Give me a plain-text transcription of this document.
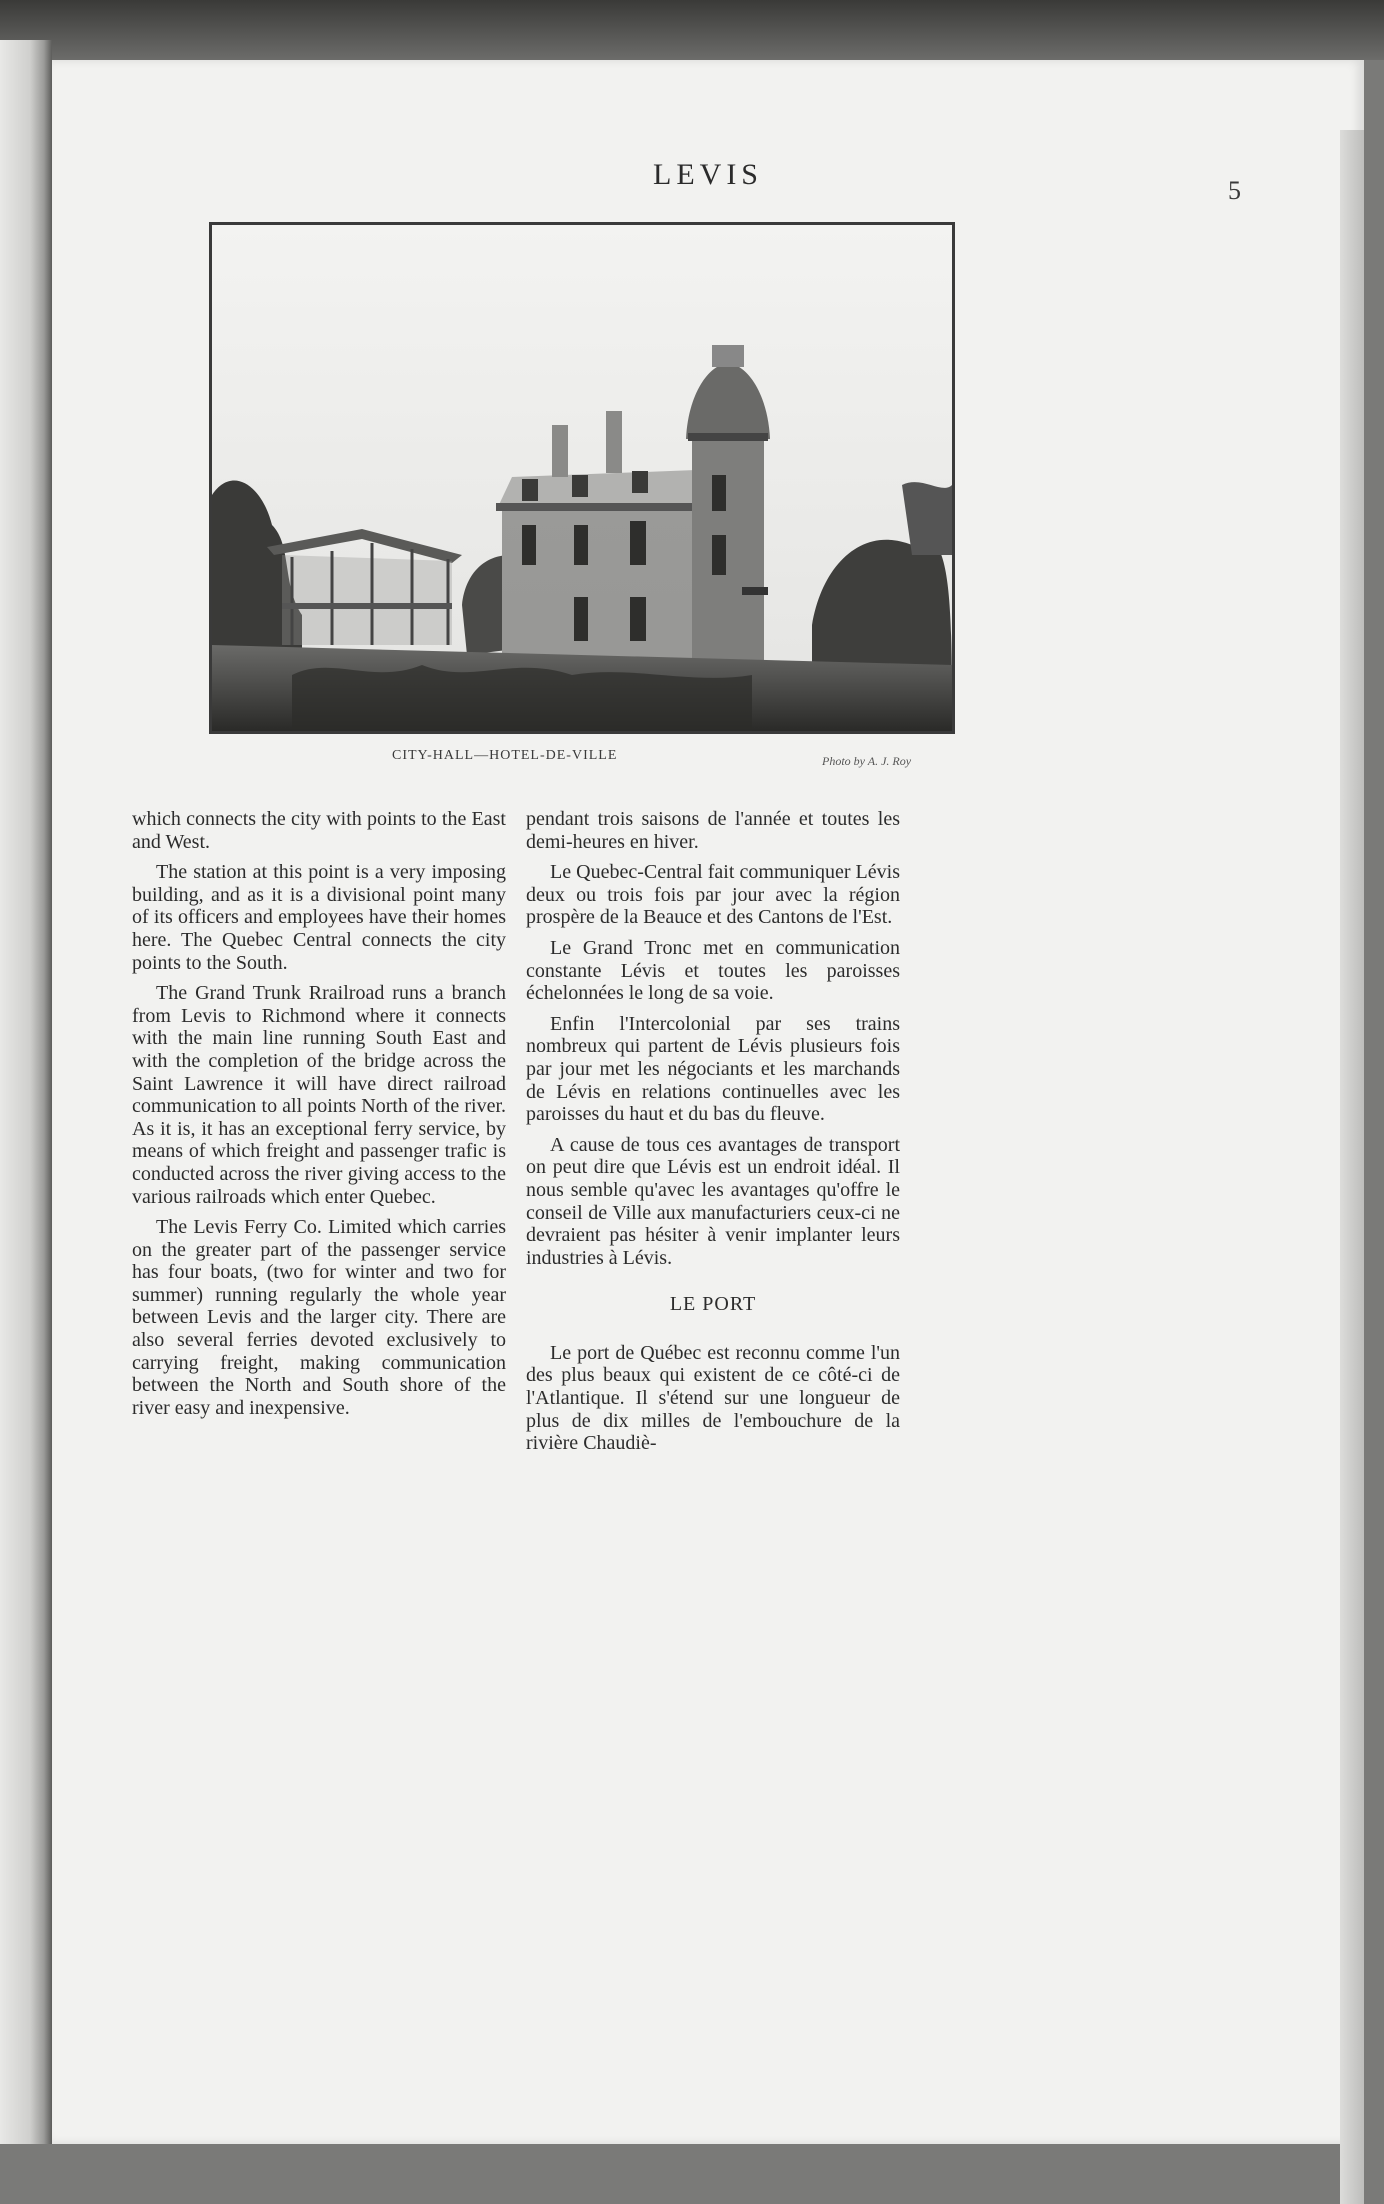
LEVIS	5
CITY-HALL—HOTEL-DE-VILLE	Photo by A. J. Roy

which connects the city with points to the East and West.

The station at this point is a very imposing building, and as it is a divisional point many of its officers and employees have their homes here. The Quebec Central connects the city points to the South.

The Grand Trunk Rrailroad runs a branch from Levis to Richmond where it connects with the main line running South East and with the completion of the bridge across the Saint Lawrence it will have direct railroad communication to all points North of the river. As it is, it has an exceptional ferry service, by means of which freight and passenger trafic is conducted across the river giving access to the various railroads which enter Quebec.

The Levis Ferry Co. Limited which carries on the greater part of the passenger service has four boats, (two for winter and two for summer) running regularly the whole year between Levis and the larger city. There are also several ferries devoted exclusively to carrying freight, making communication between the North and South shore of the river easy and inexpensive.

pendant trois saisons de l'année et toutes les demi-heures en hiver.

Le Quebec-Central fait communiquer Lévis deux ou trois fois par jour avec la région prospère de la Beauce et des Cantons de l'Est.

Le Grand Tronc met en communication constante Lévis et toutes les paroisses échelonnées le long de sa voie.

Enfin l'Intercolonial par ses trains nombreux qui partent de Lévis plusieurs fois par jour met les négociants et les marchands de Lévis en relations continuelles avec les paroisses du haut et du bas du fleuve.

A cause de tous ces avantages de transport on peut dire que Lévis est un endroit idéal. Il nous semble qu'avec les avantages qu'offre le conseil de Ville aux manufacturiers ceux-ci ne devraient pas hésiter à venir implanter leurs industries à Lévis.

LE PORT

Le port de Québec est reconnu comme l'un des plus beaux qui existent de ce côté-ci de l'Atlantique. Il s'étend sur une longueur de plus de dix milles de l'embouchure de la rivière Chaudiè-
